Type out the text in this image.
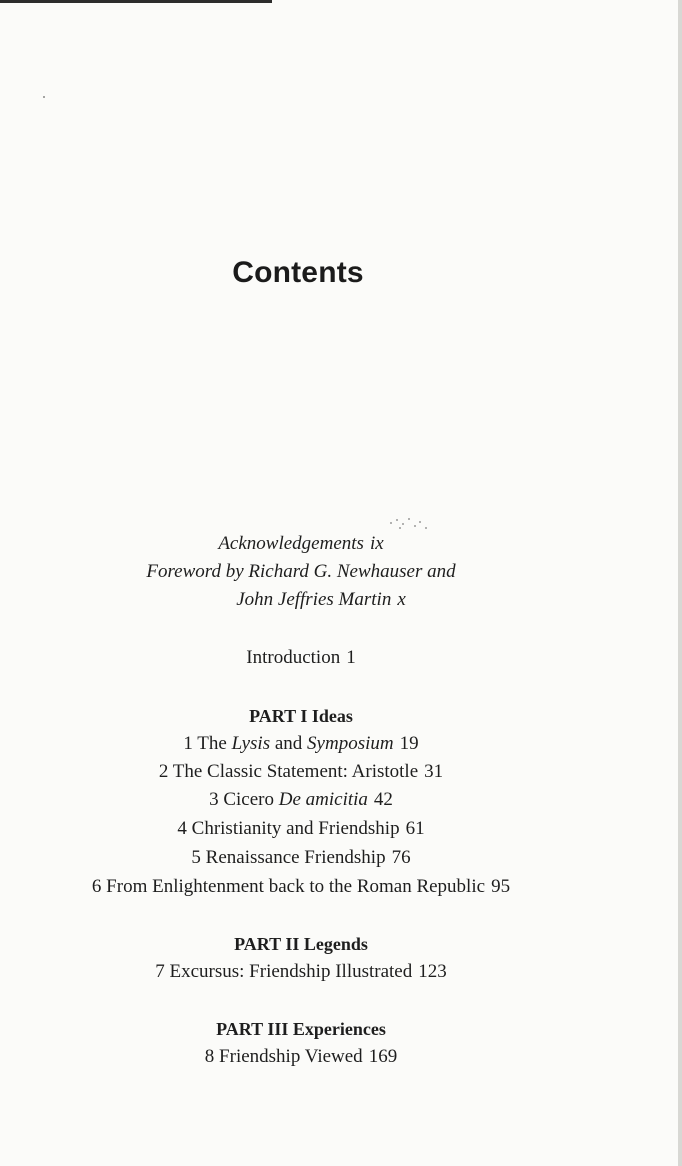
Contents
Acknowledgements ix
Foreword by Richard G. Newhauser and
John Jeffries Martin x
Introduction 1
PART I Ideas
1 The Lysis and Symposium 19
2 The Classic Statement: Aristotle 31
3 Cicero De amicitia 42
4 Christianity and Friendship 61
5 Renaissance Friendship 76
6 From Enlightenment back to the Roman Republic 95
PART II Legends
7 Excursus: Friendship Illustrated 123
PART III Experiences
8 Friendship Viewed 169
